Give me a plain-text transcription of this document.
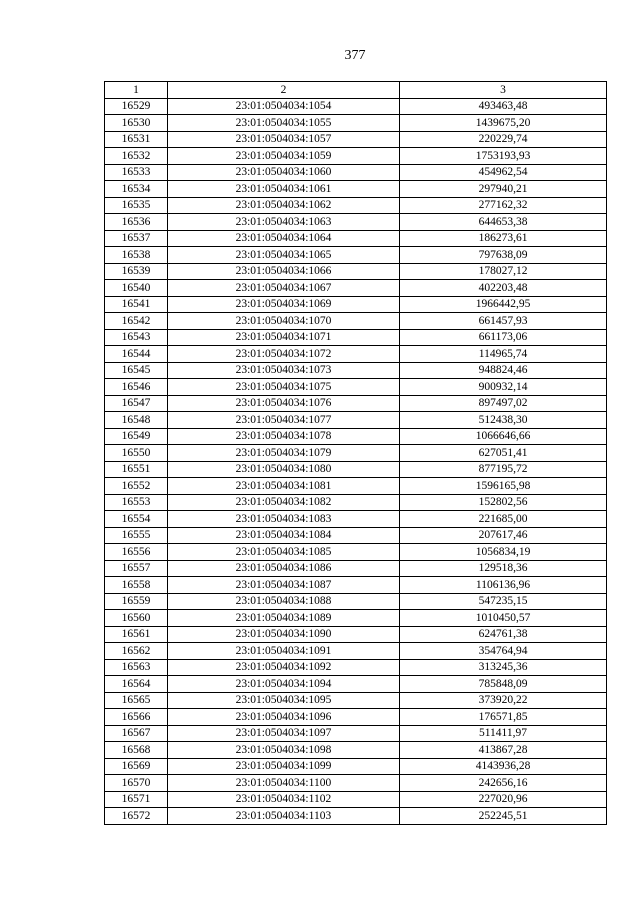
377
1	2	3
16529	23:01:0504034:1054	493463,48
16530	23:01:0504034:1055	1439675,20
16531	23:01:0504034:1057	220229,74
16532	23:01:0504034:1059	1753193,93
16533	23:01:0504034:1060	454962,54
16534	23:01:0504034:1061	297940,21
16535	23:01:0504034:1062	277162,32
16536	23:01:0504034:1063	644653,38
16537	23:01:0504034:1064	186273,61
16538	23:01:0504034:1065	797638,09
16539	23:01:0504034:1066	178027,12
16540	23:01:0504034:1067	402203,48
16541	23:01:0504034:1069	1966442,95
16542	23:01:0504034:1070	661457,93
16543	23:01:0504034:1071	661173,06
16544	23:01:0504034:1072	114965,74
16545	23:01:0504034:1073	948824,46
16546	23:01:0504034:1075	900932,14
16547	23:01:0504034:1076	897497,02
16548	23:01:0504034:1077	512438,30
16549	23:01:0504034:1078	1066646,66
16550	23:01:0504034:1079	627051,41
16551	23:01:0504034:1080	877195,72
16552	23:01:0504034:1081	1596165,98
16553	23:01:0504034:1082	152802,56
16554	23:01:0504034:1083	221685,00
16555	23:01:0504034:1084	207617,46
16556	23:01:0504034:1085	1056834,19
16557	23:01:0504034:1086	129518,36
16558	23:01:0504034:1087	1106136,96
16559	23:01:0504034:1088	547235,15
16560	23:01:0504034:1089	1010450,57
16561	23:01:0504034:1090	624761,38
16562	23:01:0504034:1091	354764,94
16563	23:01:0504034:1092	313245,36
16564	23:01:0504034:1094	785848,09
16565	23:01:0504034:1095	373920,22
16566	23:01:0504034:1096	176571,85
16567	23:01:0504034:1097	511411,97
16568	23:01:0504034:1098	413867,28
16569	23:01:0504034:1099	4143936,28
16570	23:01:0504034:1100	242656,16
16571	23:01:0504034:1102	227020,96
16572	23:01:0504034:1103	252245,51
